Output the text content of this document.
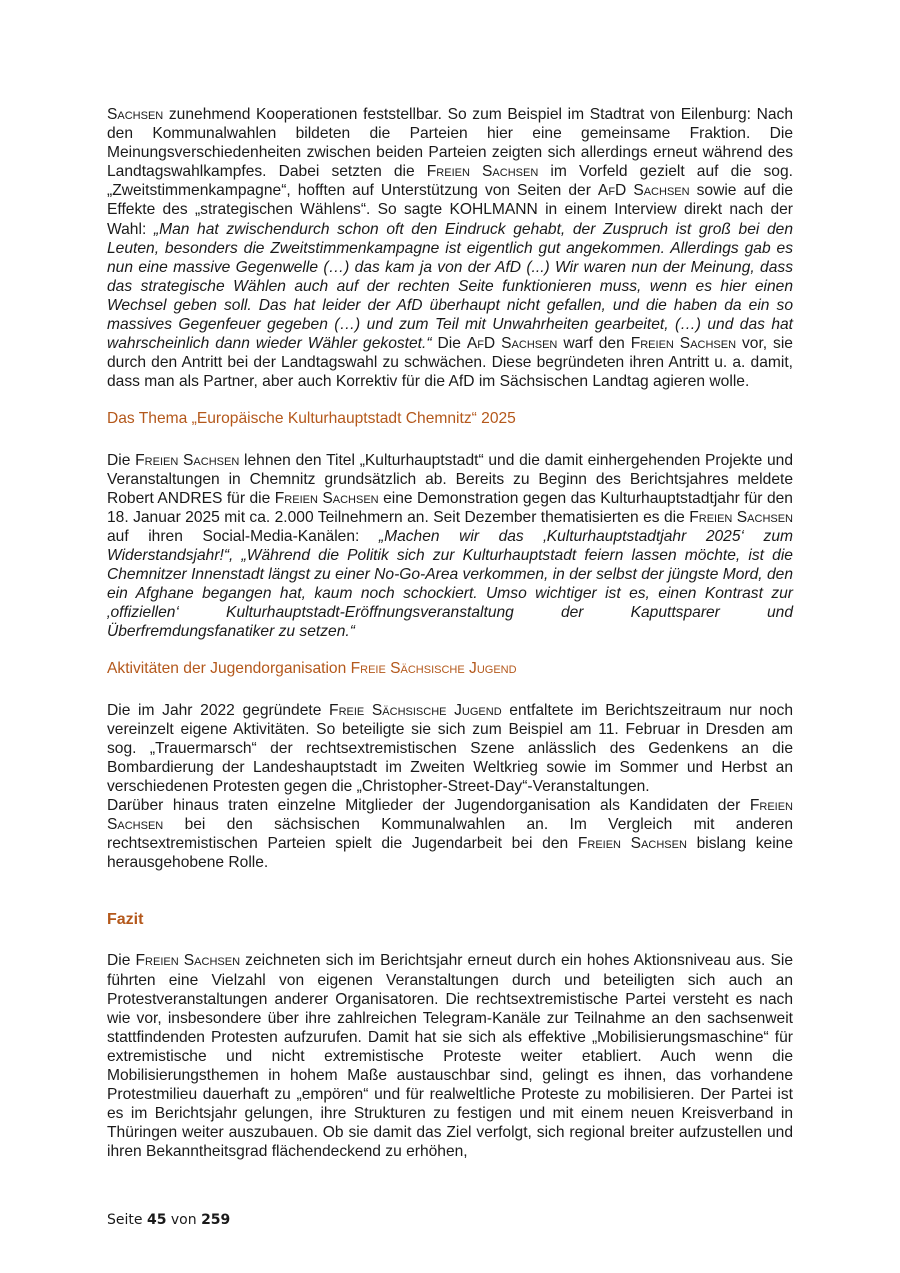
Sachsen zunehmend Kooperationen feststellbar. So zum Beispiel im Stadtrat von Eilenburg: Nach den Kommunalwahlen bildeten die Parteien hier eine gemeinsame Fraktion. Die Meinungsverschiedenheiten zwischen beiden Parteien zeigten sich allerdings erneut während des Landtagswahlkampfes. Dabei setzten die Freien Sachsen im Vorfeld gezielt auf die sog. „Zweitstimmenkampagne“, hofften auf Unterstützung von Seiten der AfD Sachsen sowie auf die Effekte des „strategischen Wählens“. So sagte KOHLMANN in einem Interview direkt nach der Wahl: „Man hat zwischendurch schon oft den Eindruck gehabt, der Zuspruch ist groß bei den Leuten, besonders die Zweitstimmenkampagne ist eigentlich gut angekommen. Allerdings gab es nun eine massive Gegenwelle (…) das kam ja von der AfD (...) Wir waren nun der Meinung, dass das strategische Wählen auch auf der rechten Seite funktionieren muss, wenn es hier einen Wechsel geben soll. Das hat leider der AfD überhaupt nicht gefallen, und die haben da ein so massives Gegenfeuer gegeben (…) und zum Teil mit Unwahrheiten gearbeitet, (…) und das hat wahrscheinlich dann wieder Wähler gekostet.“ Die AfD Sachsen warf den Freien Sachsen vor, sie durch den Antritt bei der Landtagswahl zu schwächen. Diese begründeten ihren Antritt u. a. damit, dass man als Partner, aber auch Korrektiv für die AfD im Sächsischen Landtag agieren wolle.

Das Thema „Europäische Kulturhauptstadt Chemnitz“ 2025

Die Freien Sachsen lehnen den Titel „Kulturhauptstadt“ und die damit einhergehenden Projekte und Veranstaltungen in Chemnitz grundsätzlich ab. Bereits zu Beginn des Berichtsjahres meldete Robert ANDRES für die Freien Sachsen eine Demonstration gegen das Kulturhauptstadtjahr für den 18. Januar 2025 mit ca. 2.000 Teilnehmern an. Seit Dezember thematisierten es die Freien Sachsen auf ihren Social-Media-Kanälen: „Machen wir das ‚Kulturhauptstadtjahr 2025‘ zum Widerstandsjahr!“, „Während die Politik sich zur Kulturhauptstadt feiern lassen möchte, ist die Chemnitzer Innenstadt längst zu einer No-Go-Area verkommen, in der selbst der jüngste Mord, den ein Afghane begangen hat, kaum noch schockiert. Umso wichtiger ist es, einen Kontrast zur ‚offiziellen‘ Kulturhauptstadt-Eröffnungsveranstaltung der Kaputtsparer und Überfremdungsfanatiker zu setzen.“

Aktivitäten der Jugendorganisation Freie Sächsische Jugend

Die im Jahr 2022 gegründete Freie Sächsische Jugend entfaltete im Berichtszeitraum nur noch vereinzelt eigene Aktivitäten. So beteiligte sie sich zum Beispiel am 11. Februar in Dresden am sog. „Trauermarsch“ der rechtsextremistischen Szene anlässlich des Gedenkens an die Bombardierung der Landeshauptstadt im Zweiten Weltkrieg sowie im Sommer und Herbst an verschiedenen Protesten gegen die „Christopher-Street-Day“-Veranstaltungen.

Darüber hinaus traten einzelne Mitglieder der Jugendorganisation als Kandidaten der Freien Sachsen bei den sächsischen Kommunalwahlen an. Im Vergleich mit anderen rechtsextremistischen Parteien spielt die Jugendarbeit bei den Freien Sachsen bislang keine herausgehobene Rolle.

Fazit

Die Freien Sachsen zeichneten sich im Berichtsjahr erneut durch ein hohes Aktionsniveau aus. Sie führten eine Vielzahl von eigenen Veranstaltungen durch und beteiligten sich auch an Protestveranstaltungen anderer Organisatoren. Die rechtsextremistische Partei versteht es nach wie vor, insbesondere über ihre zahlreichen Telegram-Kanäle zur Teilnahme an den sachsenweit stattfindenden Protesten aufzurufen. Damit hat sie sich als effektive „Mobilisierungsmaschine“ für extremistische und nicht extremistische Proteste weiter etabliert. Auch wenn die Mobilisierungsthemen in hohem Maße austauschbar sind, gelingt es ihnen, das vorhandene Protestmilieu dauerhaft zu „empören“ und für realweltliche Proteste zu mobilisieren. Der Partei ist es im Berichtsjahr gelungen, ihre Strukturen zu festigen und mit einem neuen Kreisverband in Thüringen weiter auszubauen. Ob sie damit das Ziel verfolgt, sich regional breiter aufzustellen und ihren Bekanntheitsgrad flächendeckend zu erhöhen,

Seite 45 von 259
